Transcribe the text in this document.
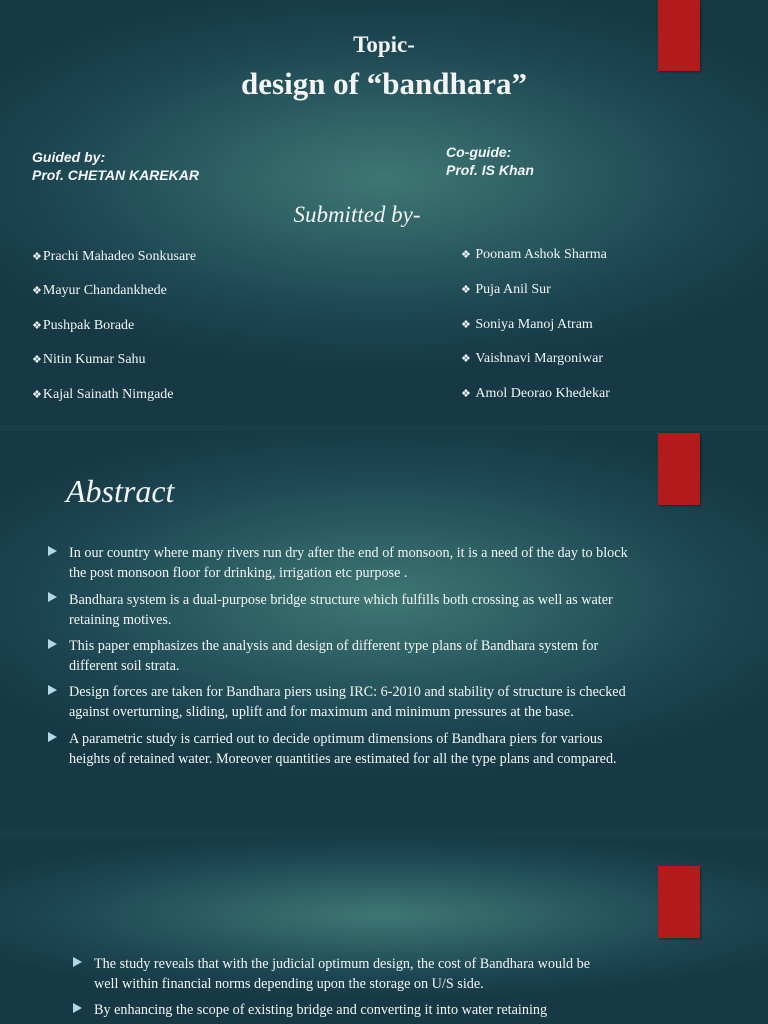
Topic-
design of “bandhara”
Guided by:
Prof. CHETAN KAREKAR
Co-guide:
Prof. IS Khan
Submitted by-
❖Prachi Mahadeo Sonkusare
❖Mayur Chandankhede
❖Pushpak Borade
❖Nitin Kumar Sahu
❖Kajal Sainath Nimgade
❖ Poonam Ashok Sharma
❖ Puja Anil Sur
❖ Soniya Manoj Atram
❖ Vaishnavi Margoniwar
❖ Amol Deorao Khedekar
Abstract
In our country where many rivers run dry after the end of monsoon, it is a need of the day to block
the post monsoon floor for drinking, irrigation etc purpose .
Bandhara system is a dual-purpose bridge structure which fulfills both crossing as well as water
retaining motives.
This paper emphasizes the analysis and design of different type plans of Bandhara system for
different soil strata.
Design forces are taken for Bandhara piers using IRC: 6-2010 and stability of structure is checked
against overturning, sliding, uplift and for maximum and minimum pressures at the base.
A parametric study is carried out to decide optimum dimensions of Bandhara piers for various
heights of retained water. Moreover quantities are estimated for all the type plans and compared.
The study reveals that with the judicial optimum design, the cost of Bandhara would be
well within financial norms depending upon the storage on U/S side.
By enhancing the scope of existing bridge and converting it into water retaining
